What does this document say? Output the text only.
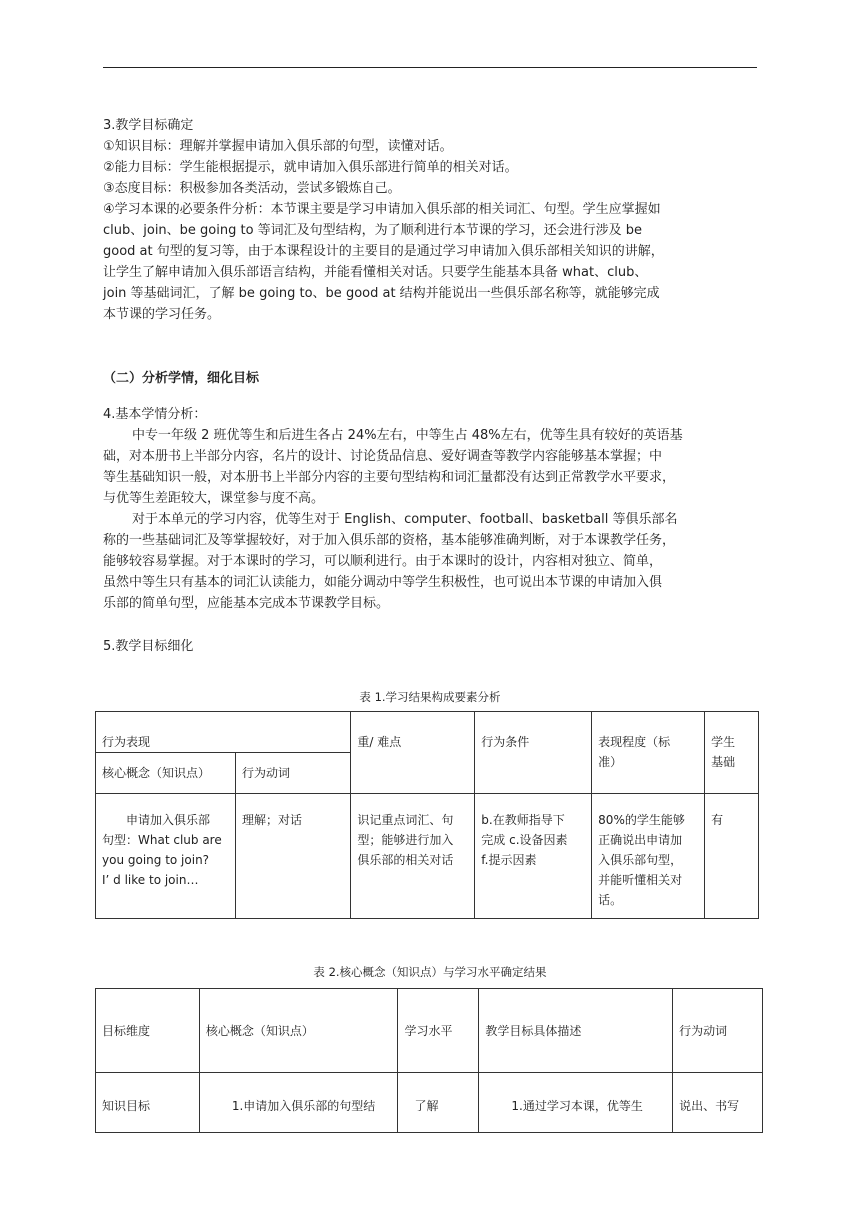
3.教学目标确定
①知识目标：理解并掌握申请加入俱乐部的句型，读懂对话。
②能力目标：学生能根据提示，就申请加入俱乐部进行简单的相关对话。
③态度目标：积极参加各类活动，尝试多锻炼自己。
④学习本课的必要条件分析：本节课主要是学习申请加入俱乐部的相关词汇、句型。学生应掌握如
club、join、be going to 等词汇及句型结构，为了顺利进行本节课的学习，还会进行涉及 be
good at 句型的复习等，由于本课程设计的主要目的是通过学习申请加入俱乐部相关知识的讲解，
让学生了解申请加入俱乐部语言结构，并能看懂相关对话。只要学生能基本具备 what、club、
join 等基础词汇，了解 be going to、be good at 结构并能说出一些俱乐部名称等，就能够完成
本节课的学习任务。
（二）分析学情，细化目标
4.基本学情分析：
中专一年级 2 班优等生和后进生各占 24%左右，中等生占 48%左右，优等生具有较好的英语基
础，对本册书上半部分内容，名片的设计、讨论货品信息、爱好调查等教学内容能够基本掌握；中
等生基础知识一般，对本册书上半部分内容的主要句型结构和词汇量都没有达到正常教学水平要求，
与优等生差距较大，课堂参与度不高。
对于本单元的学习内容，优等生对于 English、computer、football、basketball 等俱乐部名
称的一些基础词汇及等掌握较好，对于加入俱乐部的资格，基本能够准确判断，对于本课教学任务，
能够较容易掌握。对于本课时的学习，可以顺利进行。由于本课时的设计，内容相对独立、简单，
虽然中等生只有基本的词汇认读能力，如能分调动中等学生积极性，也可说出本节课的申请加入俱
乐部的简单句型，应能基本完成本节课教学目标。
5.教学目标细化
表 1.学习结果构成要素分析
行为表现		重/ 难点	行为条件	表现程度（标
准）	学生
基础

核心概念（知识点）	行为动词				

申请加入俱乐部
句型：What club are
you going to join?
I’ d like to join…	理解；对话	识记重点词汇、句
型；能够进行加入
俱乐部的相关对话	b.在教师指导下
完成 c.设备因素
f.提示因素	80%的学生能够
正确说出申请加
入俱乐部句型，
并能听懂相关对
话。	有
表 2.核心概念（知识点）与学习水平确定结果
目标维度	核心概念（知识点）	学习水平	教学目标具体描述	行为动词
知识目标	1.申请加入俱乐部的句型结	了解	1.通过学习本课，优等生	说出、书写
